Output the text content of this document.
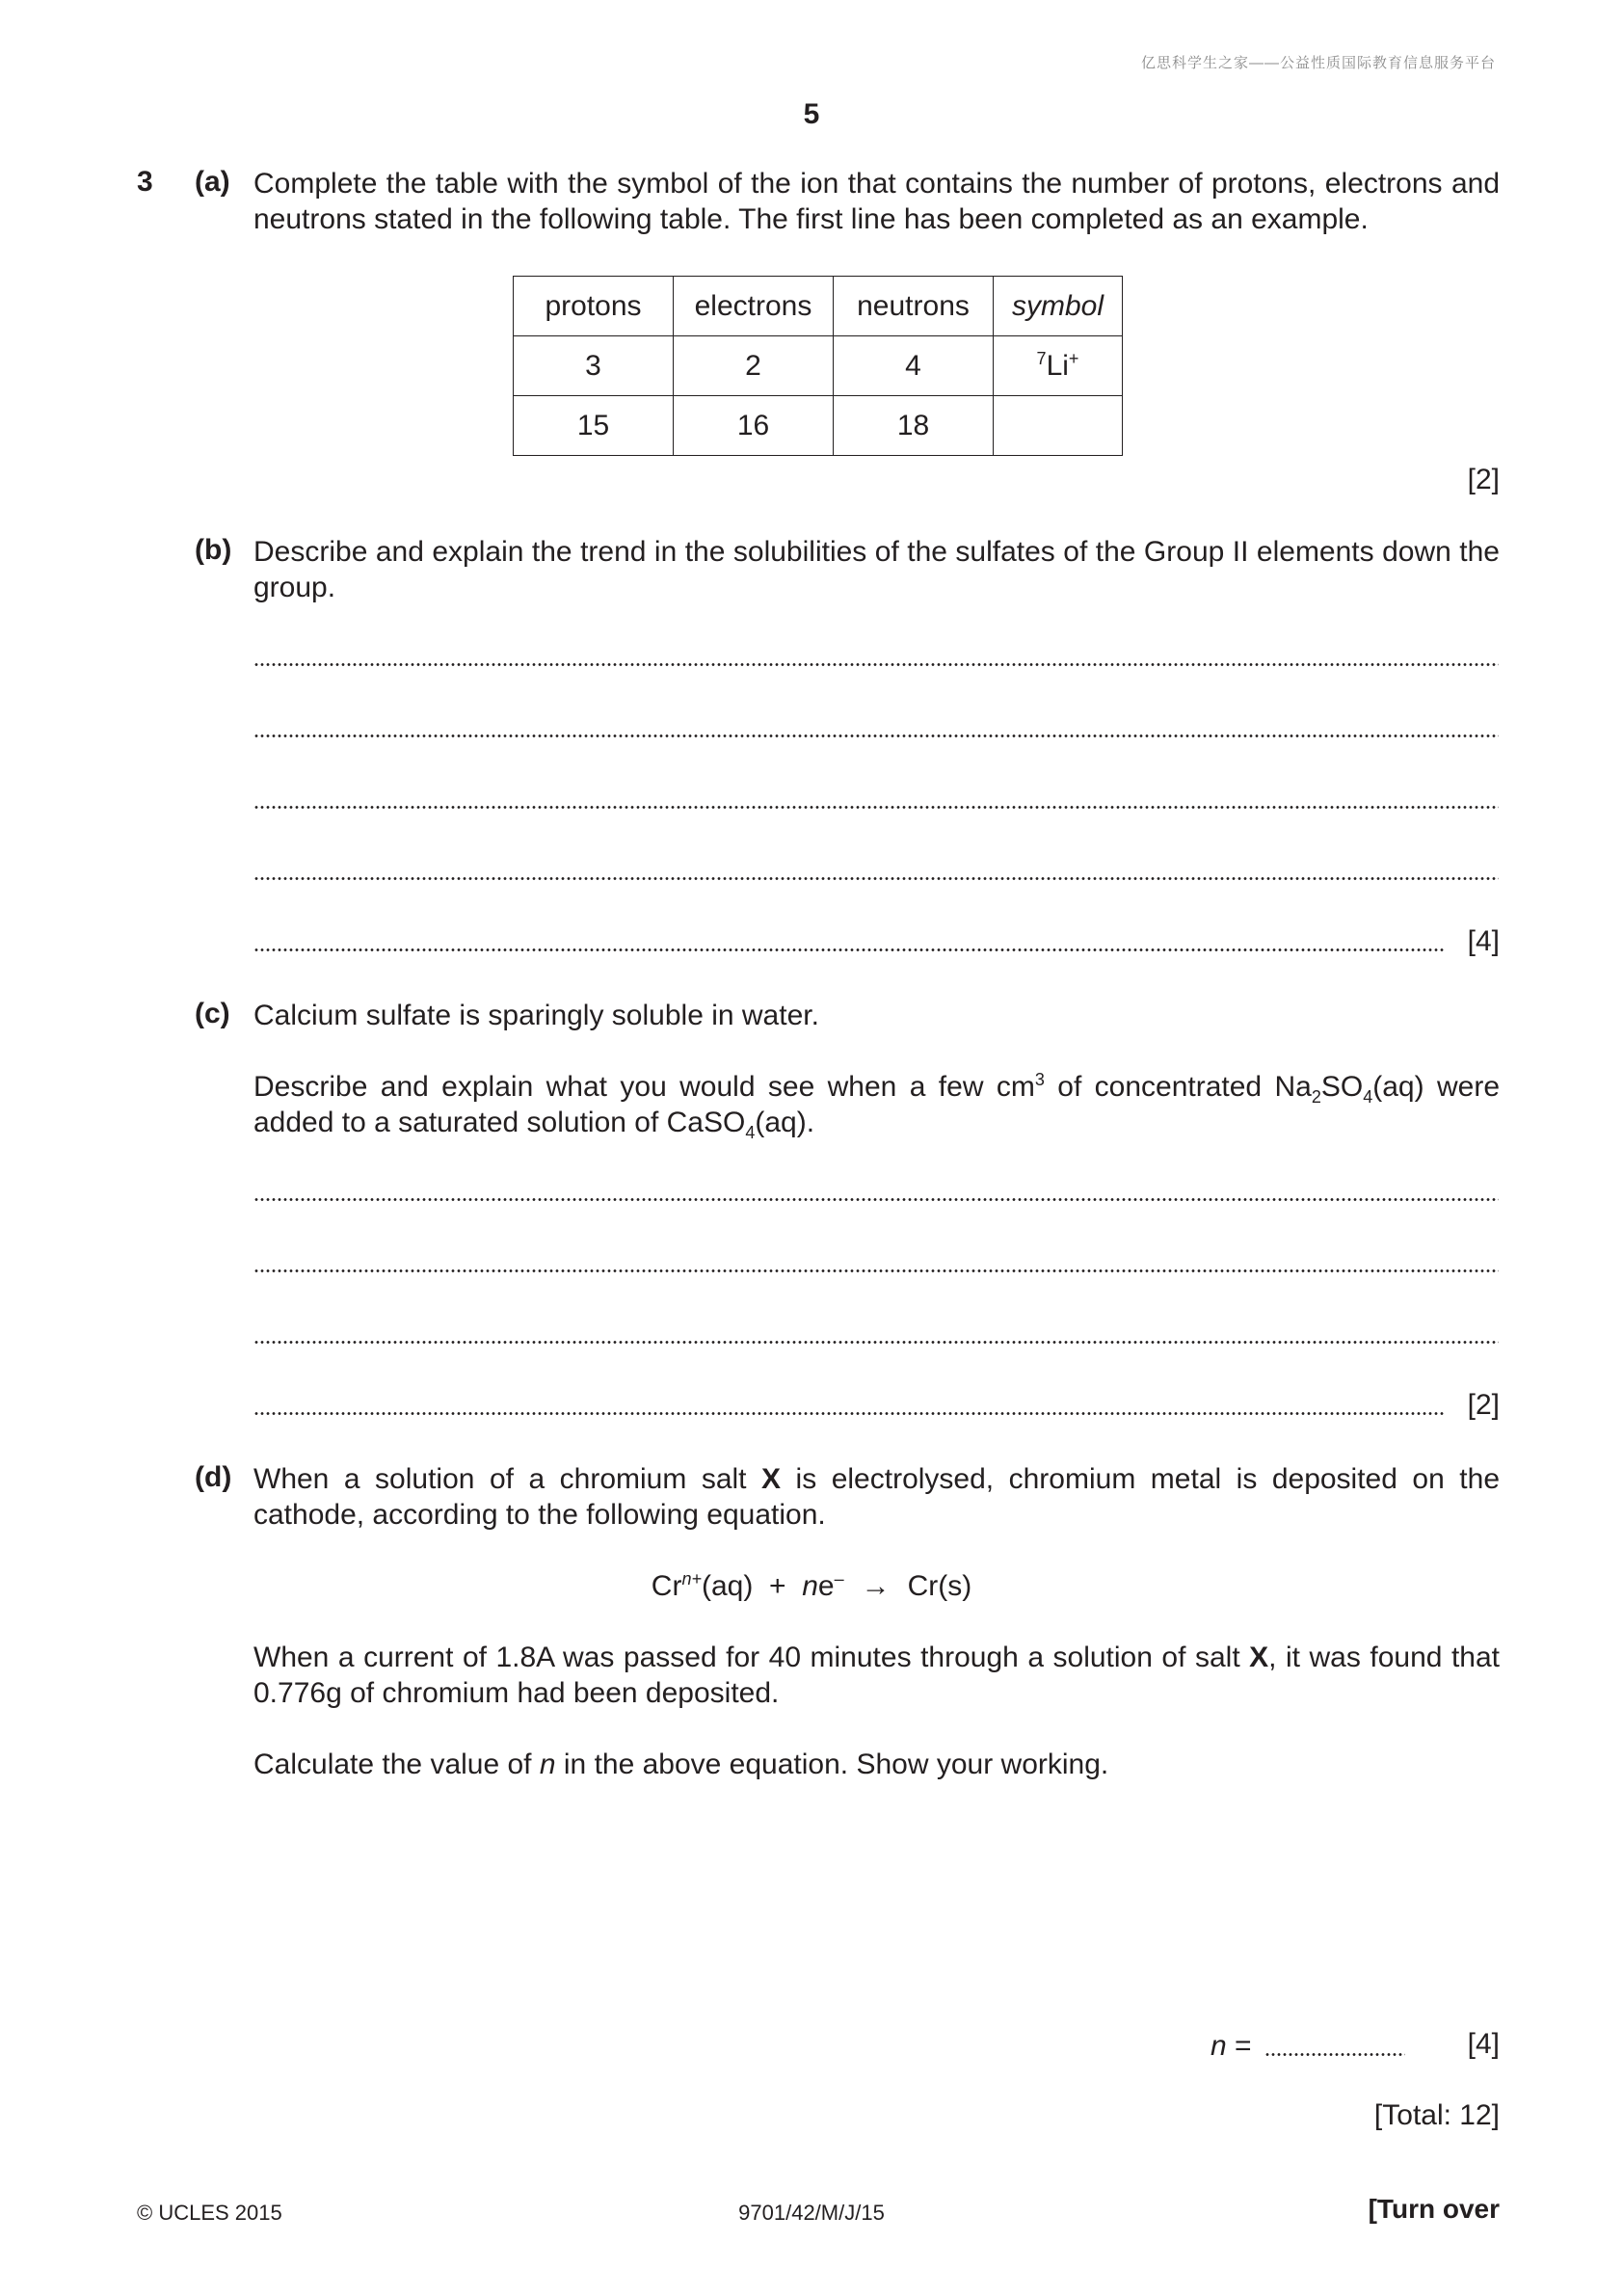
亿思科学生之家——公益性质国际教育信息服务平台
5
3 (a) Complete the table with the symbol of the ion that contains the number of protons, electrons and neutrons stated in the following table. The first line has been completed as an example.
protons	electrons	neutrons	symbol
3	2	4	$^7$Li+
15	16	18	
[2]
(b) Describe and explain the trend in the solubilities of the sulfates of the Group II elements down the group.
[4]
(c) Calcium sulfate is sparingly soluble in water.
Describe and explain what you would see when a few $cm^3$ of concentrated $Na_2SO_4(aq)$ were added to a saturated solution of CaSO$_4$(aq).
[2]
(d) When a solution of a chromium salt X is electrolysed, chromium metal is deposited on the cathode, according to the following equation.
$Cr^{n+}(aq) + ne^- \to Cr(s)$
When a current of 1.8A was passed for 40 minutes through a solution of salt X, it was found that 0.776g of chromium had been deposited.
Calculate the value of n in the above equation. Show your working.
n =	[4]
[Total: 12]
© UCLES 2015	9701/42/M/J/15	[Turn over
